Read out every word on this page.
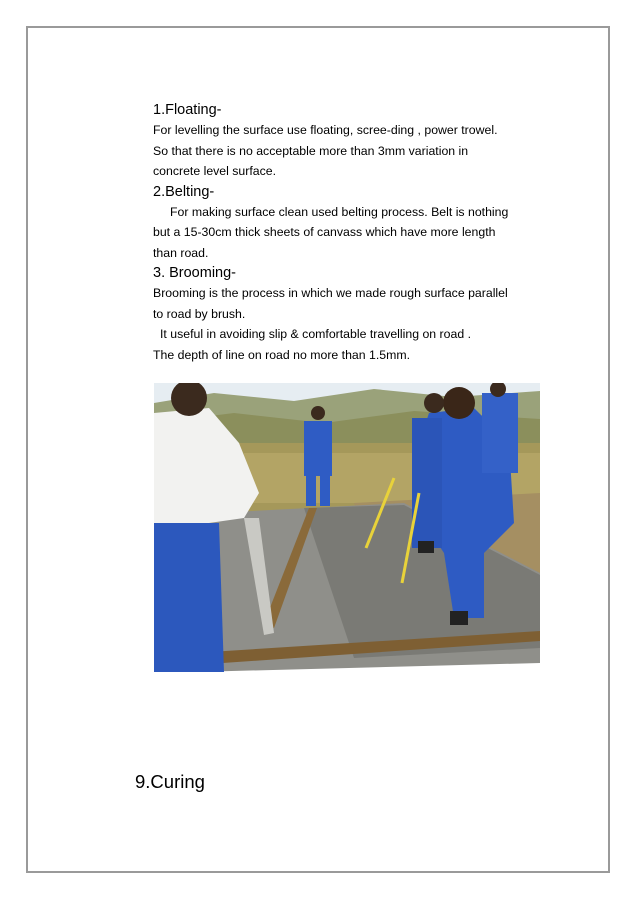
1.Floating-

For levelling the surface use floating, scree-ding , power trowel.

So that there is no acceptable more than 3mm variation in

concrete level surface.

2.Belting-

For making surface clean used belting process. Belt is nothing

but a 15-30cm thick sheets of canvass which have more length

than road.

3. Brooming-

Brooming is the process in which we made rough surface parallel

to road by brush.

It useful in avoiding slip & comfortable travelling on road .

The depth of line on road no more than 1.5mm.

9.Curing
